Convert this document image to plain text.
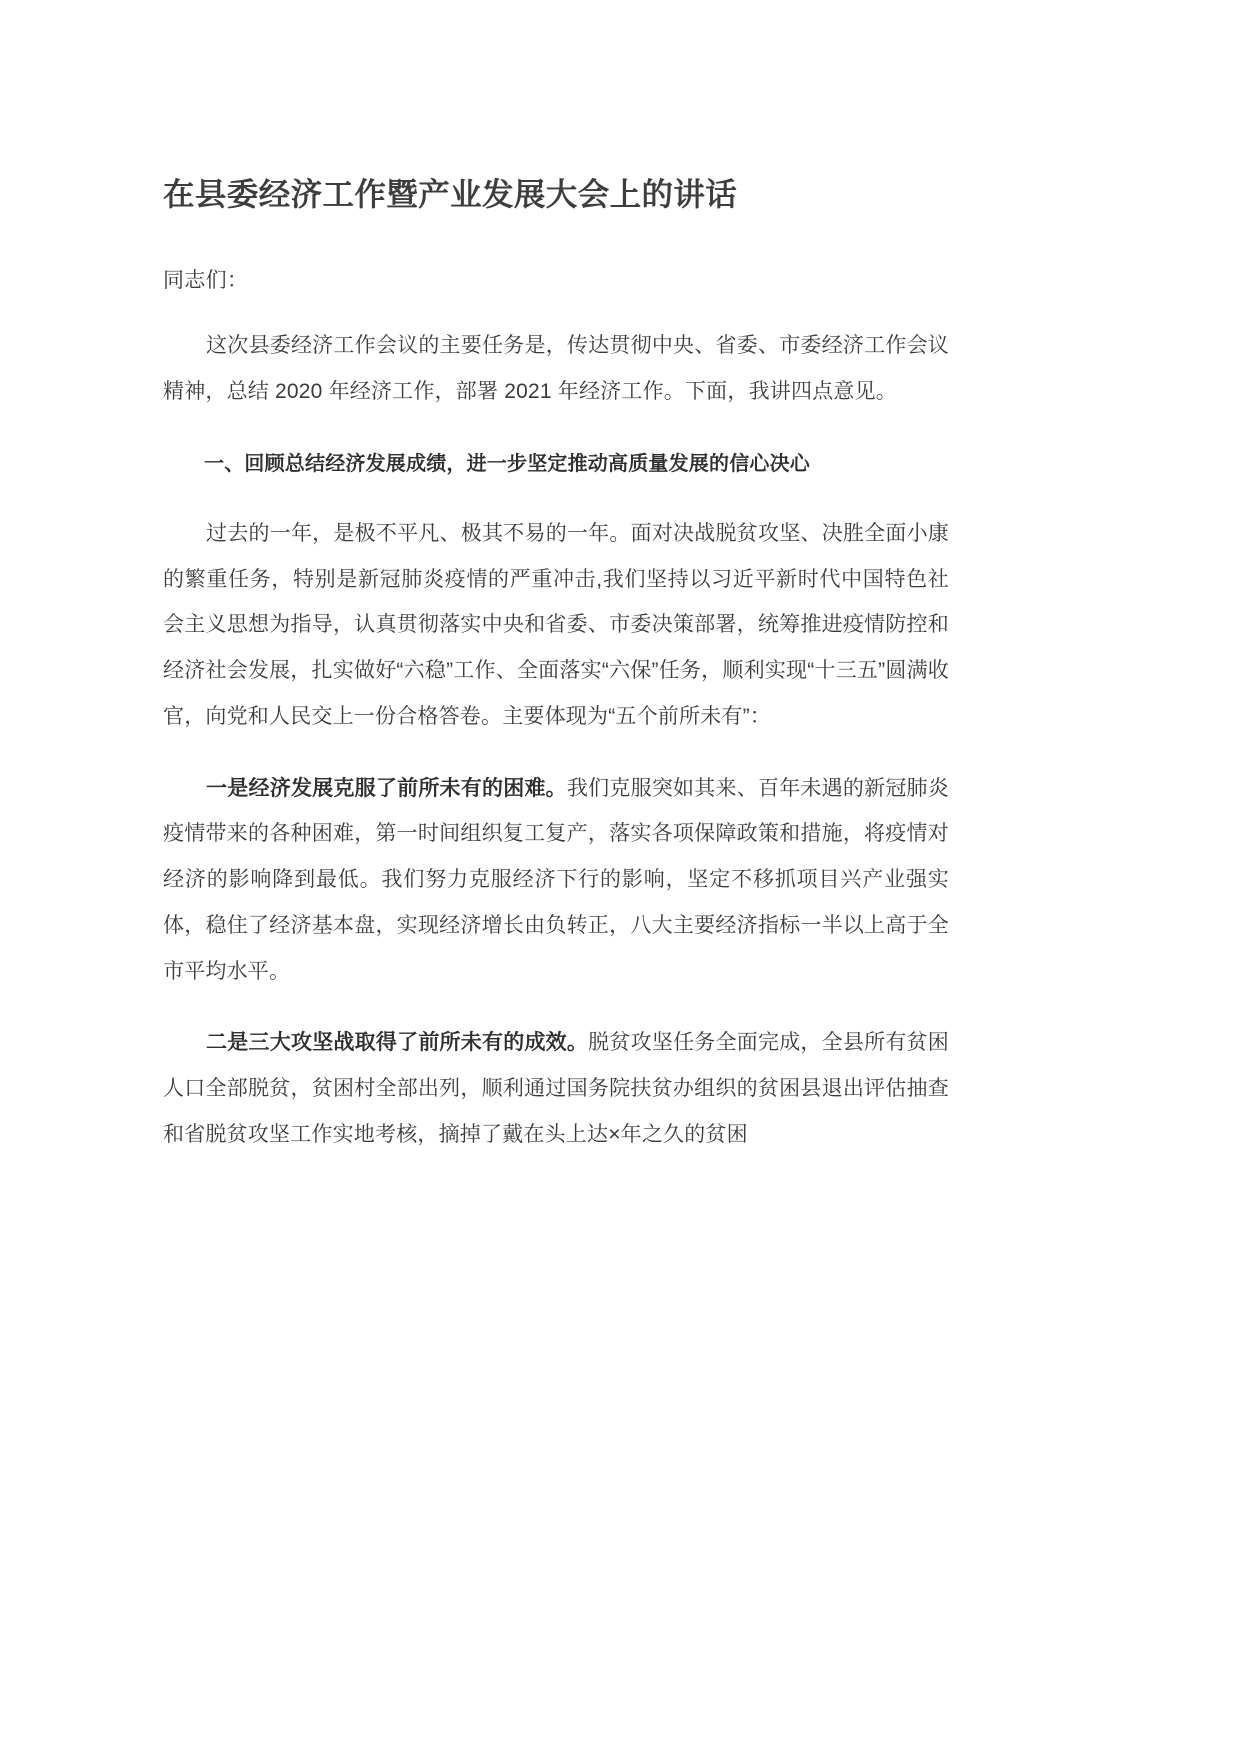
在县委经济工作暨产业发展大会上的讲话

同志们：

这次县委经济工作会议的主要任务是，传达贯彻中央、省委、市委经济工作会议精神，总结 2020 年经济工作，部署 2021 年经济工作。下面，我讲四点意见。

一、回顾总结经济发展成绩，进一步坚定推动高质量发展的信心决心

过去的一年，是极不平凡、极其不易的一年。面对决战脱贫攻坚、决胜全面小康的繁重任务，特别是新冠肺炎疫情的严重冲击,我们坚持以习近平新时代中国特色社会主义思想为指导，认真贯彻落实中央和省委、市委决策部署，统筹推进疫情防控和经济社会发展，扎实做好“六稳”工作、全面落实“六保”任务，顺利实现“十三五”圆满收官，向党和人民交上一份合格答卷。主要体现为“五个前所未有”：

一是经济发展克服了前所未有的困难。我们克服突如其来、百年未遇的新冠肺炎疫情带来的各种困难，第一时间组织复工复产，落实各项保障政策和措施，将疫情对经济的影响降到最低。我们努力克服经济下行的影响，坚定不移抓项目兴产业强实体，稳住了经济基本盘，实现经济增长由负转正，八大主要经济指标一半以上高于全市平均水平。

二是三大攻坚战取得了前所未有的成效。脱贫攻坚任务全面完成，全县所有贫困人口全部脱贫，贫困村全部出列，顺利通过国务院扶贫办组织的贫困县退出评估抽查和省脱贫攻坚工作实地考核，摘掉了戴在头上达×年之久的贫困
